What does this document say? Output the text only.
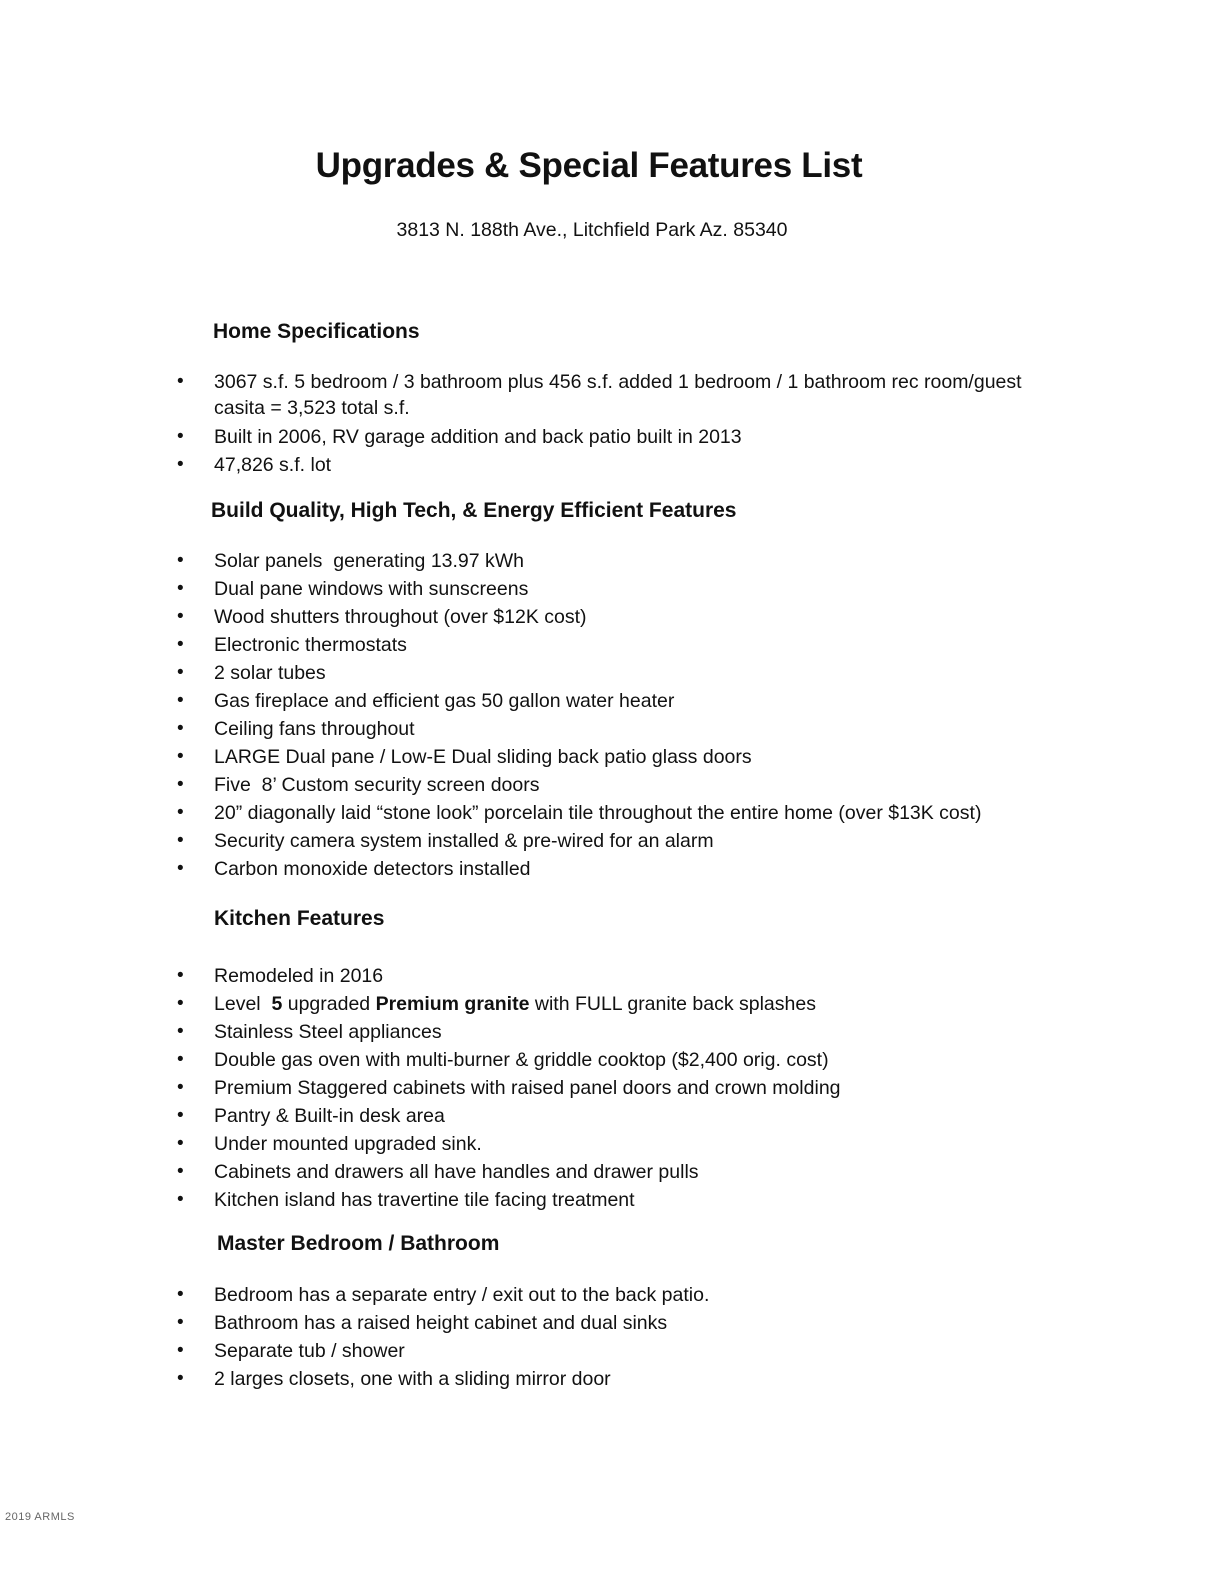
Upgrades & Special Features List
3813 N. 188th Ave., Litchfield Park Az. 85340
Home Specifications
• 3067 s.f. 5 bedroom / 3 bathroom plus 456 s.f. added 1 bedroom / 1 bathroom rec room/guest casita = 3,523 total s.f.
• Built in 2006, RV garage addition and back patio built in 2013
• 47,826 s.f. lot
Build Quality, High Tech, & Energy Efficient Features
• Solar panels  generating 13.97 kWh
• Dual pane windows with sunscreens
• Wood shutters throughout (over $12K cost)
• Electronic thermostats
• 2 solar tubes
• Gas fireplace and efficient gas 50 gallon water heater
• Ceiling fans throughout
• LARGE Dual pane / Low-E Dual sliding back patio glass doors
• Five  8’ Custom security screen doors
• 20” diagonally laid “stone look” porcelain tile throughout the entire home (over $13K cost)
• Security camera system installed & pre-wired for an alarm
• Carbon monoxide detectors installed
Kitchen Features
• Remodeled in 2016
• Level  5 upgraded Premium granite with FULL granite back splashes
• Stainless Steel appliances
• Double gas oven with multi-burner & griddle cooktop ($2,400 orig. cost)
• Premium Staggered cabinets with raised panel doors and crown molding
• Pantry & Built-in desk area
• Under mounted upgraded sink.
• Cabinets and drawers all have handles and drawer pulls
• Kitchen island has travertine tile facing treatment
Master Bedroom / Bathroom
• Bedroom has a separate entry / exit out to the back patio.
• Bathroom has a raised height cabinet and dual sinks
• Separate tub / shower
• 2 larges closets, one with a sliding mirror door
2019 ARMLS
